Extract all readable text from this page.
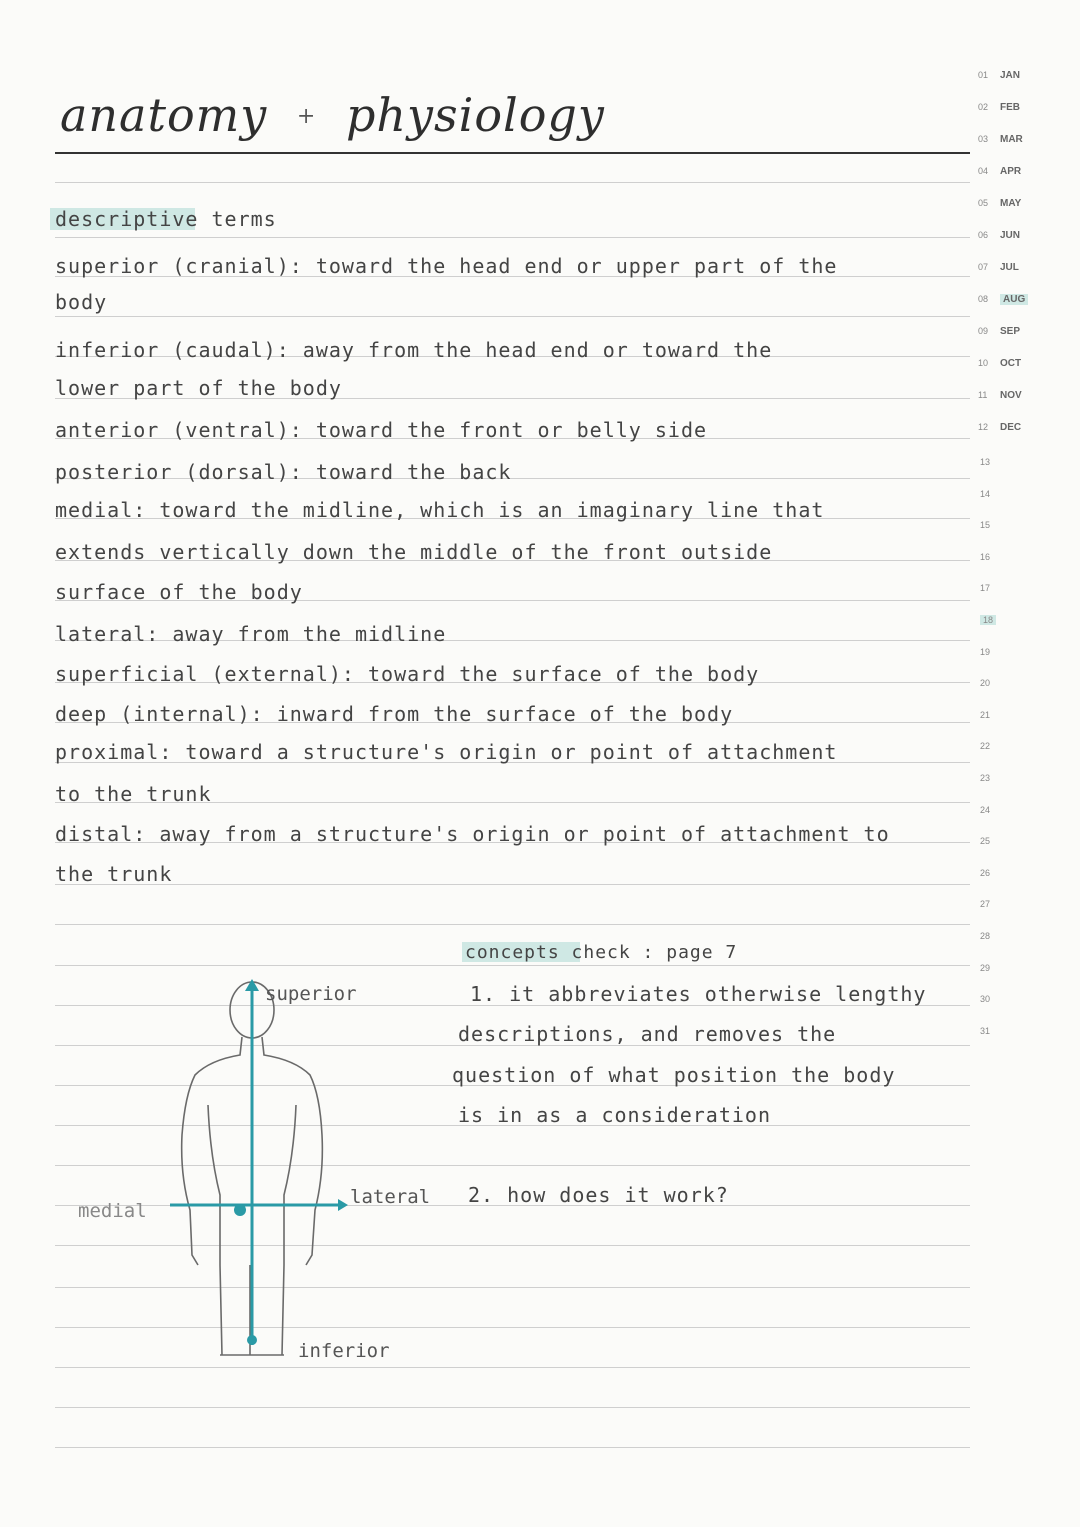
anatomy + physiology
descriptive terms
superior (cranial): toward the head end or upper part of the
body
inferior (caudal): away from the head end or toward the
lower part of the body
anterior (ventral): toward the front or belly side
posterior (dorsal): toward the back
medial: toward the midline, which is an imaginary line that
extends vertically down the middle of the front outside
surface of the body
lateral: away from the midline
superficial (external): toward the surface of the body
deep (internal): inward from the surface of the body
proximal: toward a structure's origin or point of attachment
to the trunk
distal: away from a structure's origin or point of attachment to
the trunk
superior
inferior
medial
lateral
concepts check : page 7
1. it abbreviates otherwise lengthy
descriptions, and removes the
question of what position the body
is in as a consideration
2. how does it work?
01 JAN
02 FEB
03 MAR
04 APR
05 MAY
06 JUN
07 JUL
08 AUG
09 SEP
10 OCT
11 NOV
12 DEC
13
14
15
16
17
18
19
20
21
22
23
24
25
26
27
28
29
30
31
